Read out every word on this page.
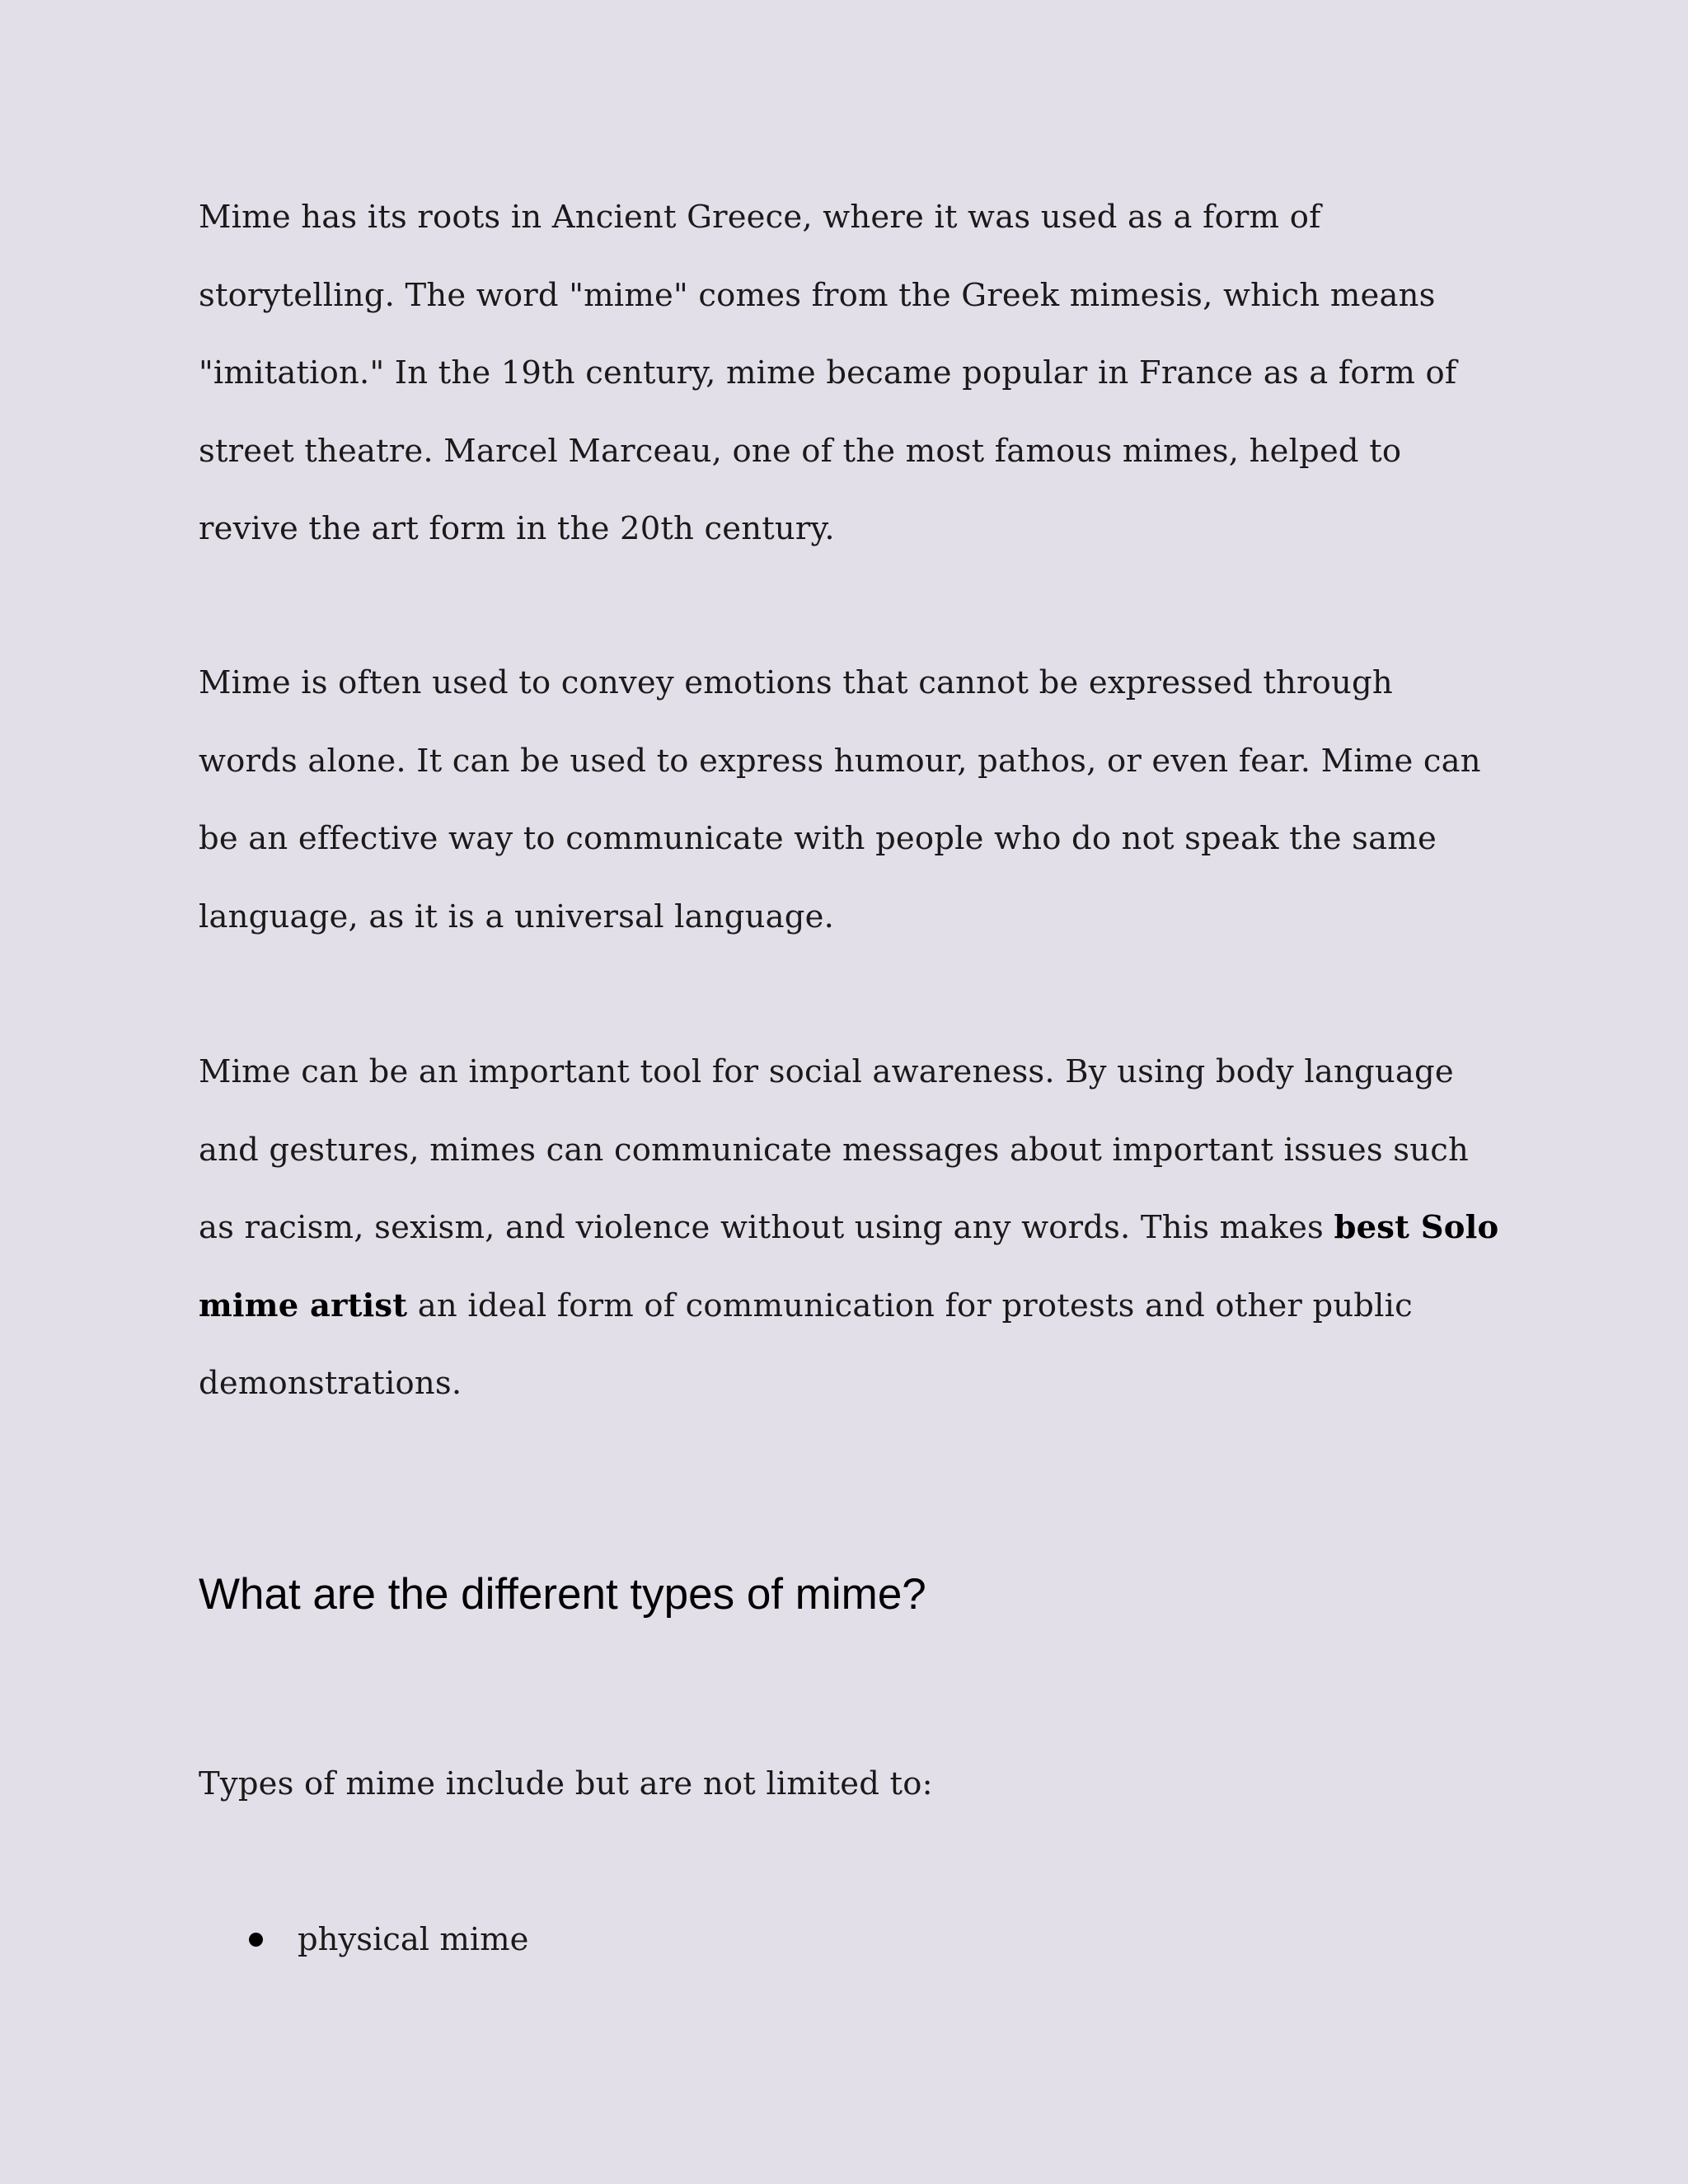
Mime has its roots in Ancient Greece, where it was used as a form of storytelling. The word "mime" comes from the Greek mimesis, which means "imitation." In the 19th century, mime became popular in France as a form of street theatre. Marcel Marceau, one of the most famous mimes, helped to revive the art form in the 20th century.

Mime is often used to convey emotions that cannot be expressed through words alone. It can be used to express humour, pathos, or even fear. Mime can be an effective way to communicate with people who do not speak the same language, as it is a universal language.

Mime can be an important tool for social awareness. By using body language and gestures, mimes can communicate messages about important issues such as racism, sexism, and violence without using any words. This makes best Solo mime artist an ideal form of communication for protests and other public demonstrations.

What are the different types of mime?

Types of mime include but are not limited to:

physical mime
